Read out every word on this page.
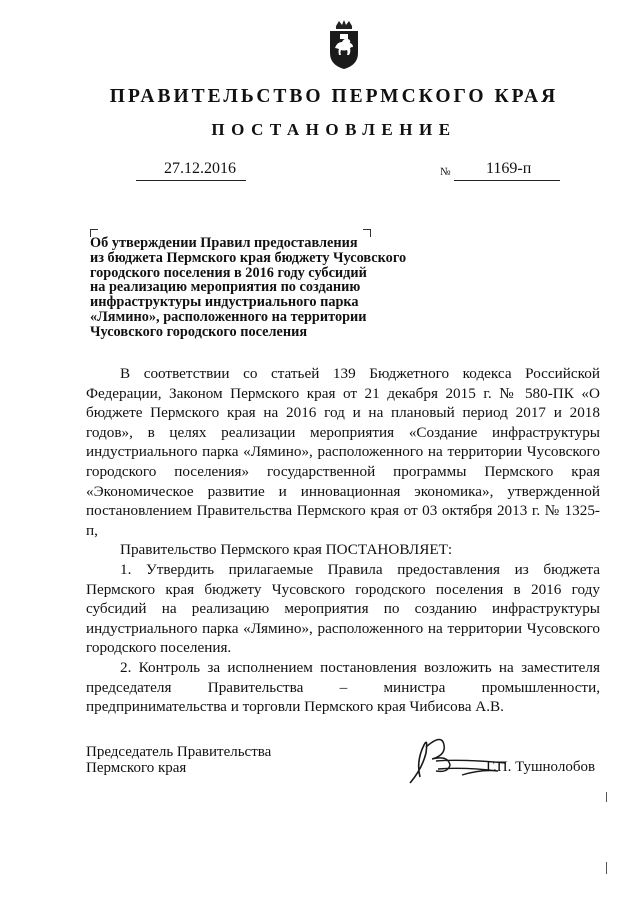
ПРАВИТЕЛЬСТВО ПЕРМСКОГО КРАЯ
ПОСТАНОВЛЕНИЕ
27.12.2016	№ 1169-п
Об утверждении Правил предоставления
из бюджета Пермского края бюджету Чусовского
городского поселения в 2016 году субсидий
на реализацию мероприятия по созданию
инфраструктуры индустриального парка
«Лямино», расположенного на территории
Чусовского городского поселения

В соответствии со статьей 139 Бюджетного кодекса Российской Федерации, Законом Пермского края от 21 декабря 2015 г. № 580-ПК «О бюджете Пермского края на 2016 год и на плановый период 2017 и 2018 годов», в целях реализации мероприятия «Создание инфраструктуры индустриального парка «Лямино», расположенного на территории Чусовского городского поселения» государственной программы Пермского края «Экономическое развитие и инновационная экономика», утвержденной постановлением Правительства Пермского края от 03 октября 2013 г. № 1325-п,

Правительство Пермского края ПОСТАНОВЛЯЕТ:

1. Утвердить прилагаемые Правила предоставления из бюджета Пермского края бюджету Чусовского городского поселения в 2016 году субсидий на реализацию мероприятия по созданию инфраструктуры индустриального парка «Лямино», расположенного на территории Чусовского городского поселения.

2. Контроль за исполнением постановления возложить на заместителя председателя Правительства – министра промышленности, предпринимательства и торговли Пермского края Чибисова А.В.

Председатель Правительства
Пермского края	Г.П. Тушнолобов
